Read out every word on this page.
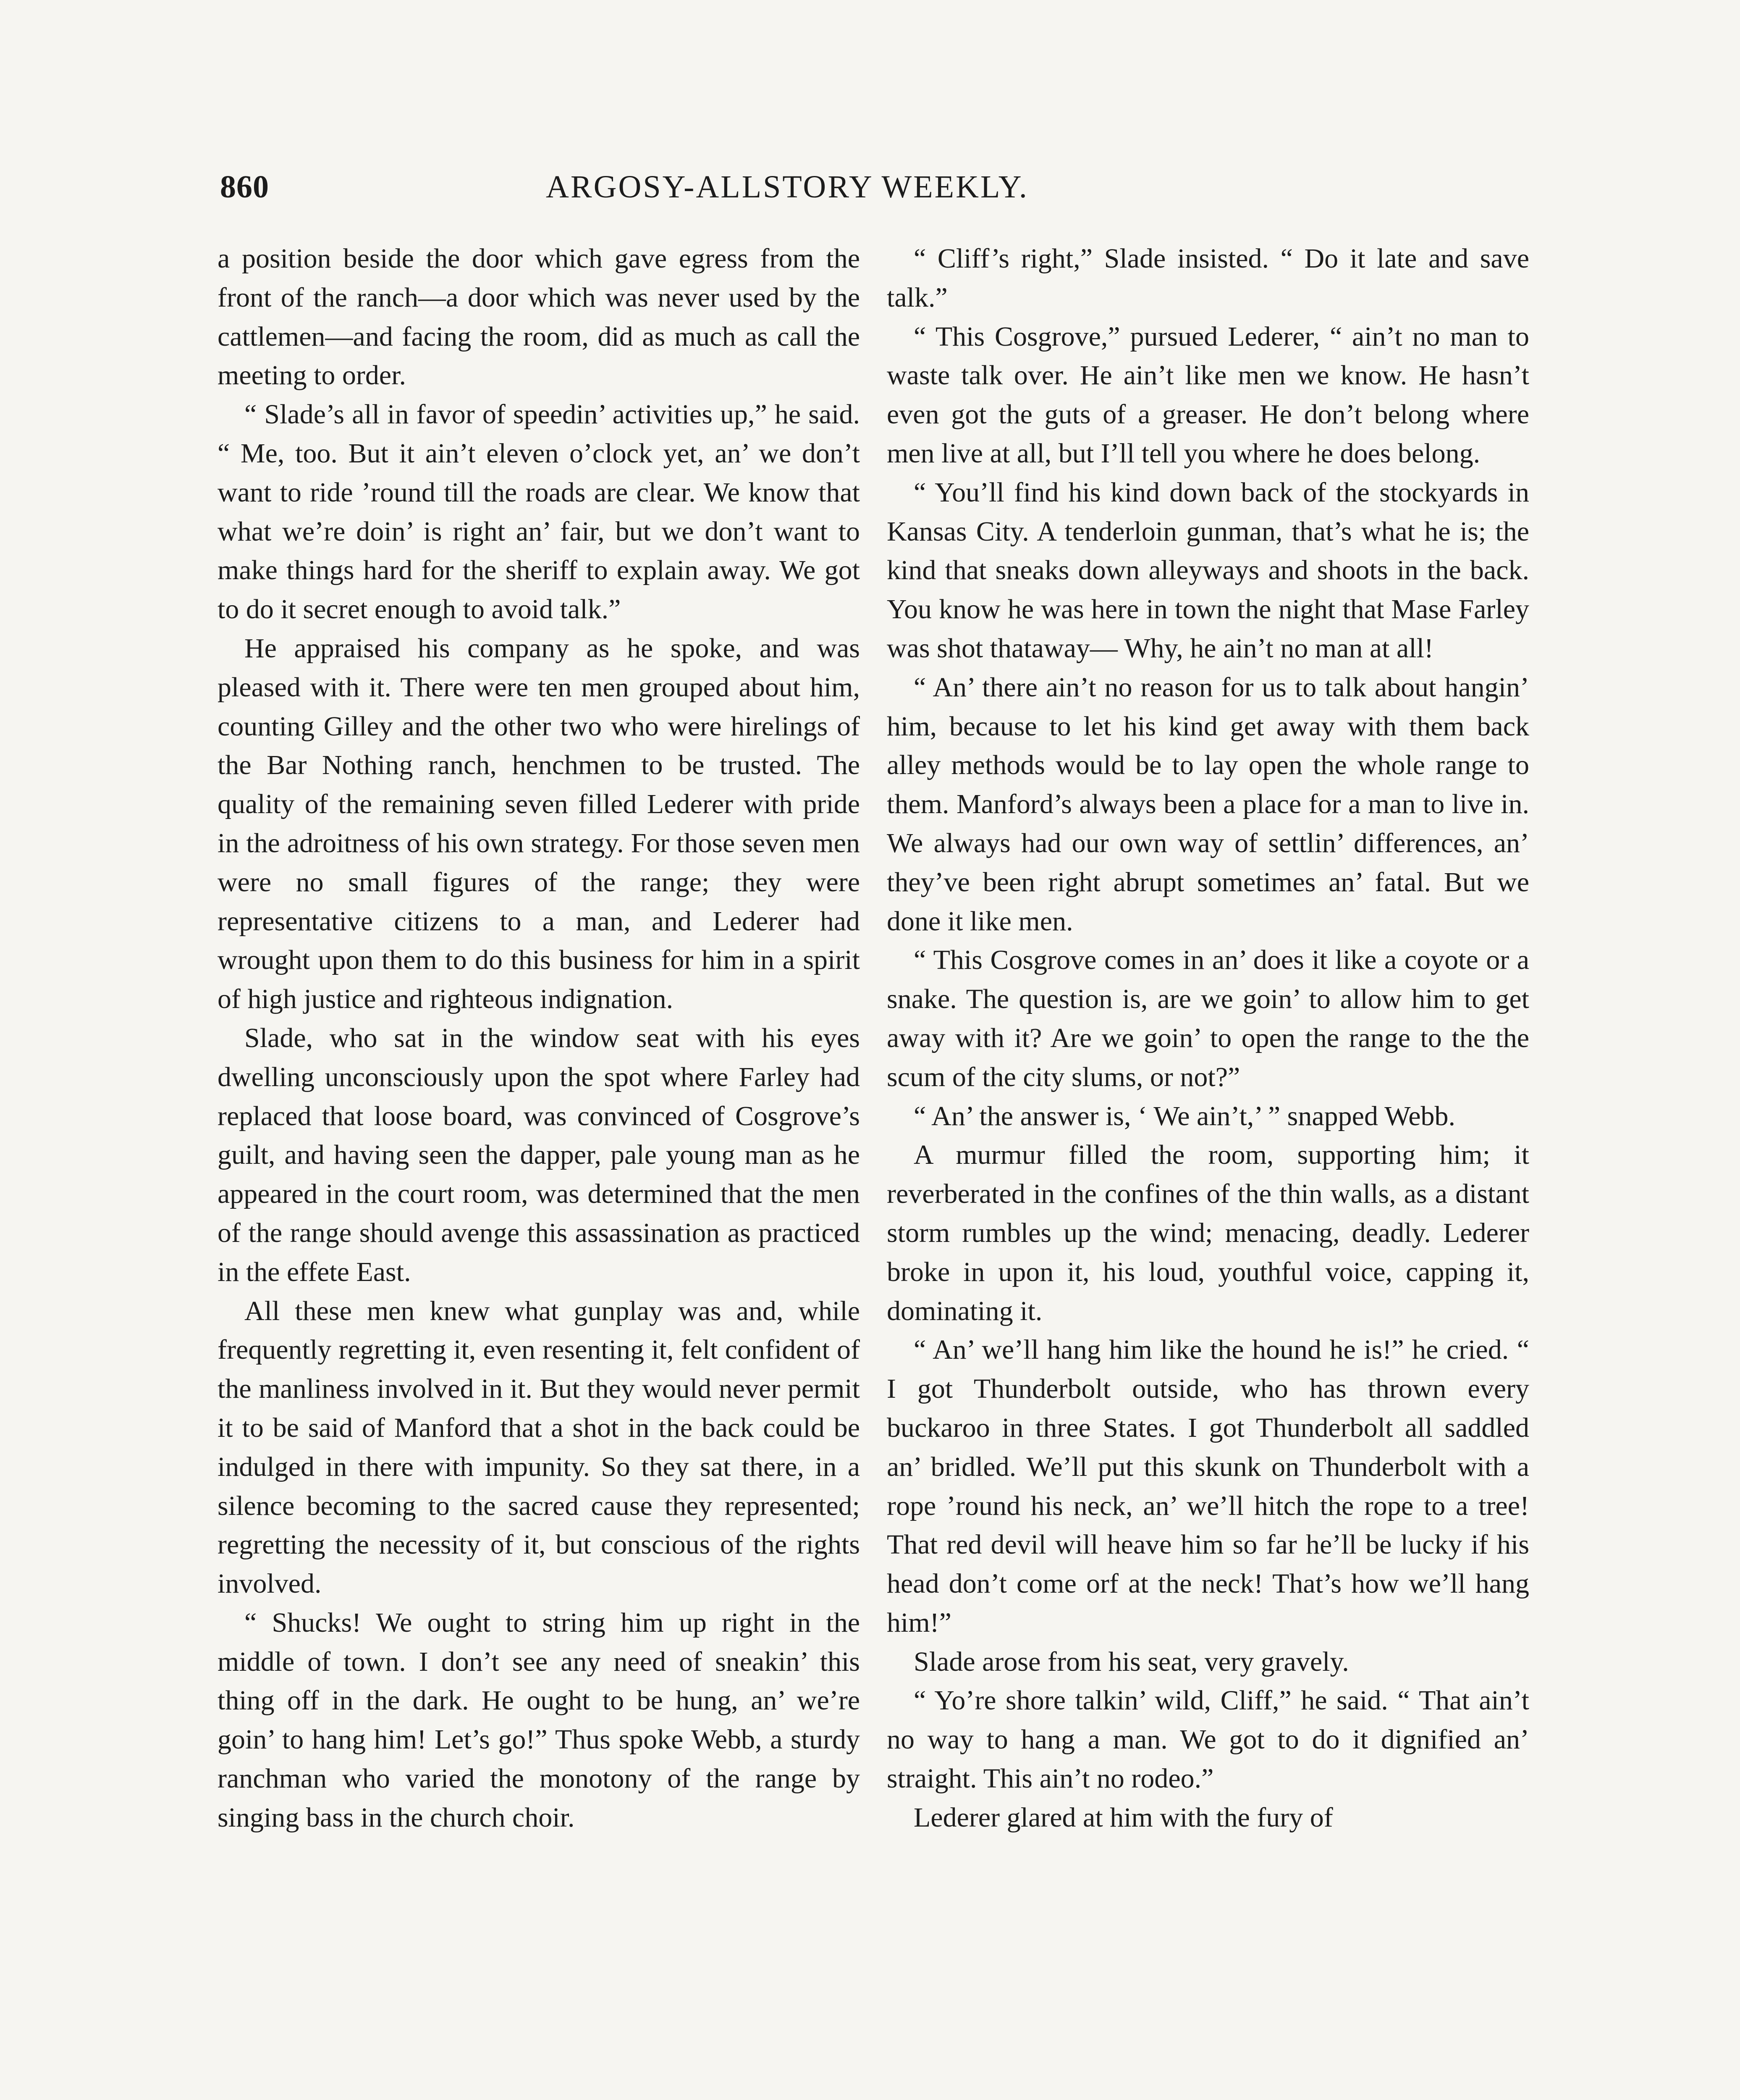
860	ARGOSY-ALLSTORY WEEKLY.

a position beside the door which gave egress from the front of the ranch—a door which was never used by the cattlemen—and facing the room, did as much as call the meeting to order.

“ Slade’s all in favor of speedin’ activities up,” he said. “ Me, too. But it ain’t eleven o’clock yet, an’ we don’t want to ride ’round till the roads are clear. We know that what we’re doin’ is right an’ fair, but we don’t want to make things hard for the sheriff to explain away. We got to do it secret enough to avoid talk.”

He appraised his company as he spoke, and was pleased with it. There were ten men grouped about him, counting Gilley and the other two who were hirelings of the Bar Nothing ranch, henchmen to be trusted. The quality of the remaining seven filled Lederer with pride in the adroitness of his own strategy. For those seven men were no small figures of the range; they were representative citizens to a man, and Lederer had wrought upon them to do this business for him in a spirit of high justice and righteous indignation.

Slade, who sat in the window seat with his eyes dwelling unconsciously upon the spot where Farley had replaced that loose board, was convinced of Cosgrove’s guilt, and having seen the dapper, pale young man as he appeared in the court room, was determined that the men of the range should avenge this assassination as practiced in the effete East.

All these men knew what gunplay was and, while frequently regretting it, even resenting it, felt confident of the manliness involved in it. But they would never permit it to be said of Manford that a shot in the back could be indulged in there with impunity. So they sat there, in a silence becoming to the sacred cause they represented; regretting the necessity of it, but conscious of the rights involved.

“ Shucks! We ought to string him up right in the middle of town. I don’t see any need of sneakin’ this thing off in the dark. He ought to be hung, an’ we’re goin’ to hang him! Let’s go!” Thus spoke Webb, a sturdy ranchman who varied the monotony of the range by singing bass in the church choir.

“ Cliff’s right,” Slade insisted. “ Do it late and save talk.”

“ This Cosgrove,” pursued Lederer, “ ain’t no man to waste talk over. He ain’t like men we know. He hasn’t even got the guts of a greaser. He don’t belong where men live at all, but I’ll tell you where he does belong.

“ You’ll find his kind down back of the stockyards in Kansas City. A tenderloin gunman, that’s what he is; the kind that sneaks down alleyways and shoots in the back. You know he was here in town the night that Mase Farley was shot thataway— Why, he ain’t no man at all!

“ An’ there ain’t no reason for us to talk about hangin’ him, because to let his kind get away with them back alley methods would be to lay open the whole range to them. Manford’s always been a place for a man to live in. We always had our own way of settlin’ differences, an’ they’ve been right abrupt sometimes an’ fatal. But we done it like men.

“ This Cosgrove comes in an’ does it like a coyote or a snake. The question is, are we goin’ to allow him to get away with it? Are we goin’ to open the range to the the scum of the city slums, or not?”

“ An’ the answer is, ‘ We ain’t,’ ” snapped Webb.

A murmur filled the room, supporting him; it reverberated in the confines of the thin walls, as a distant storm rumbles up the wind; menacing, deadly. Lederer broke in upon it, his loud, youthful voice, capping it, dominating it.

“ An’ we’ll hang him like the hound he is!” he cried. “ I got Thunderbolt outside, who has thrown every buckaroo in three States. I got Thunderbolt all saddled an’ bridled. We’ll put this skunk on Thunderbolt with a rope ’round his neck, an’ we’ll hitch the rope to a tree! That red devil will heave him so far he’ll be lucky if his head don’t come orf at the neck! That’s how we’ll hang him!”

Slade arose from his seat, very gravely.

“ Yo’re shore talkin’ wild, Cliff,” he said. “ That ain’t no way to hang a man. We got to do it dignified an’ straight. This ain’t no rodeo.”

Lederer glared at him with the fury of
